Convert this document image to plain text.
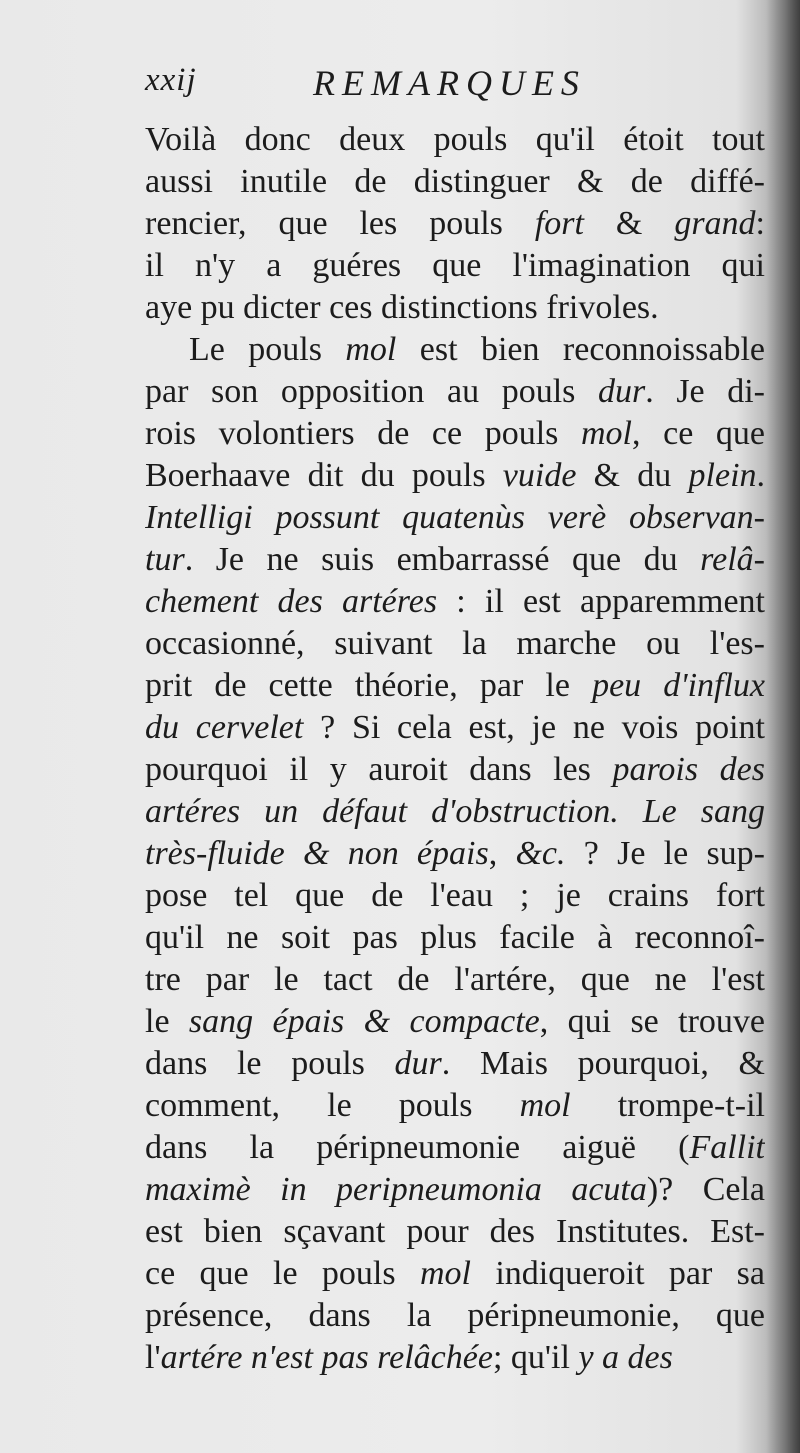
xxij	REMARQUES
Voilà donc deux pouls qu'il étoit tout
aussi inutile de distinguer & de diffé-
rencier, que les pouls fort & grand:
il n'y a guéres que l'imagination qui
aye pu dicter ces distinctions frivoles.
Le pouls mol est bien reconnoissable
par son opposition au pouls dur. Je di-
rois volontiers de ce pouls mol, ce que
Boerhaave dit du pouls vuide & du plein.
Intelligi possunt quatenùs verè observan-
tur. Je ne suis embarrassé que du relâ-
chement des artéres : il est apparemment
occasionné, suivant la marche ou l'es-
prit de cette théorie, par le peu d'influx
du cervelet ? Si cela est, je ne vois point
pourquoi il y auroit dans les parois des
artéres un défaut d'obstruction. Le sang
très-fluide & non épais, &c. ? Je le sup-
pose tel que de l'eau ; je crains fort
qu'il ne soit pas plus facile à reconnoî-
tre par le tact de l'artére, que ne l'est
le sang épais & compacte, qui se trouve
dans le pouls dur. Mais pourquoi, &
comment, le pouls mol trompe-t-il
dans la péripneumonie aiguë (Fallit
maximè in peripneumonia acuta)? Cela
est bien sçavant pour des Institutes. Est-
ce que le pouls mol indiqueroit par sa
présence, dans la péripneumonie, que
l'artére n'est pas relâchée; qu'il y a des
